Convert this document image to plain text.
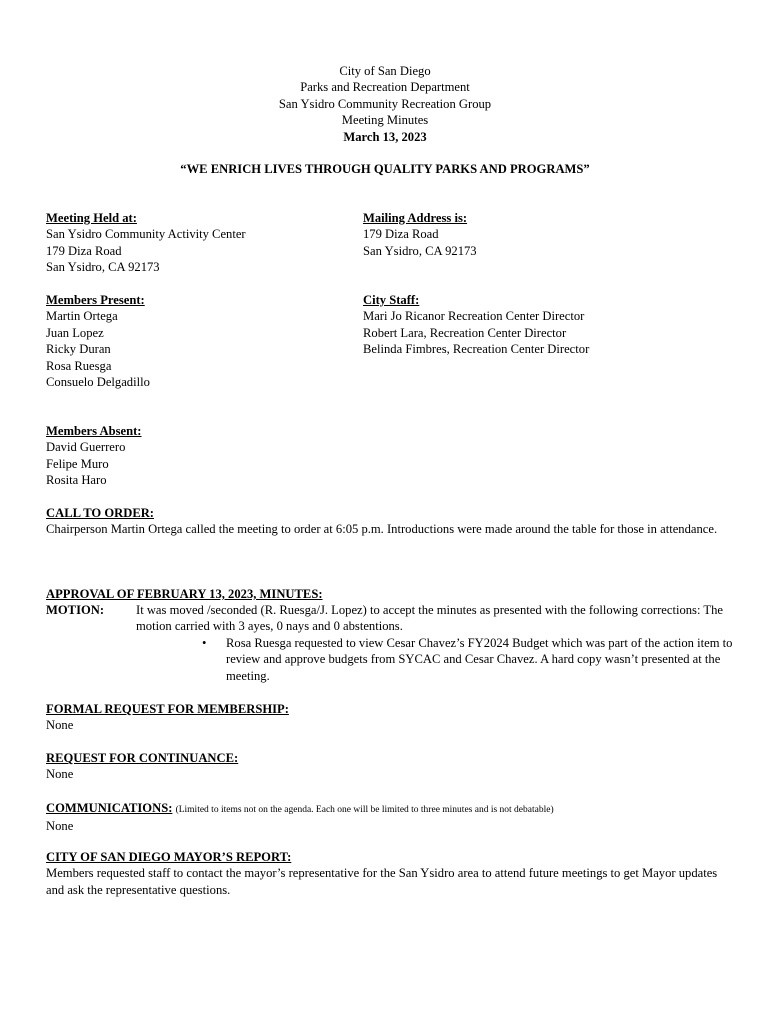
City of San Diego
Parks and Recreation Department
San Ysidro Community Recreation Group
Meeting Minutes
March 13, 2023
“WE ENRICH LIVES THROUGH QUALITY PARKS AND PROGRAMS”
Meeting Held at:
San Ysidro Community Activity Center
179 Diza Road
San Ysidro, CA 92173
Mailing Address is:
179 Diza Road
San Ysidro, CA 92173
Members Present:
Martin Ortega
Juan Lopez
Ricky Duran
Rosa Ruesga
Consuelo Delgadillo
City Staff:
Mari Jo Ricanor Recreation Center Director
Robert Lara, Recreation Center Director
Belinda Fimbres, Recreation Center Director
Members Absent:
David Guerrero
Felipe Muro
Rosita Haro
CALL TO ORDER:
Chairperson Martin Ortega called the meeting to order at 6:05 p.m. Introductions were made around the table for those in attendance.
APPROVAL OF FEBRUARY 13, 2023, MINUTES:
MOTION:	It was moved /seconded (R. Ruesga/J. Lopez) to accept the minutes as presented with the following corrections: The motion carried with 3 ayes, 0 nays and 0 abstentions.
• Rosa Ruesga requested to view Cesar Chavez’s FY2024 Budget which was part of the action item to review and approve budgets from SYCAC and Cesar Chavez. A hard copy wasn’t presented at the meeting.
FORMAL REQUEST FOR MEMBERSHIP:
None
REQUEST FOR CONTINUANCE:
None
COMMUNICATIONS: (Limited to items not on the agenda. Each one will be limited to three minutes and is not debatable)
None
CITY OF SAN DIEGO MAYOR’S REPORT:
Members requested staff to contact the mayor’s representative for the San Ysidro area to attend future meetings to get Mayor updates and ask the representative questions.
